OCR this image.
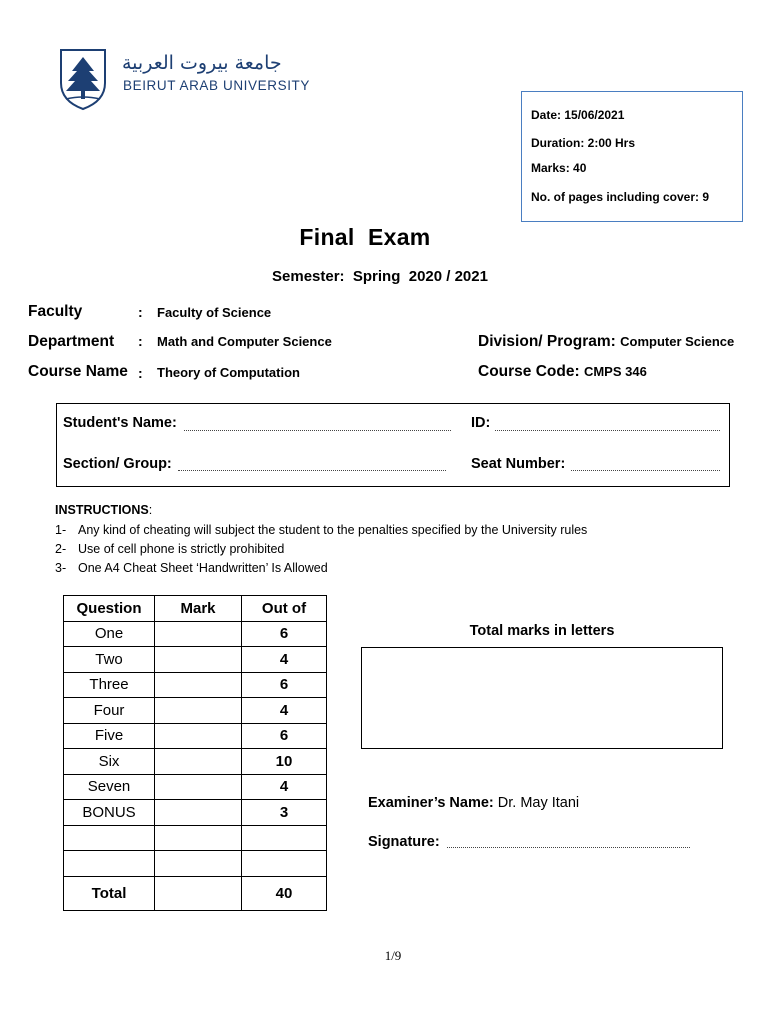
جامعة بيروت العربية
BEIRUT ARAB UNIVERSITY
Date: 15/06/2021
Duration: 2:00 Hrs
Marks: 40
No. of pages including cover: 9
Final  Exam
Semester:  Spring  2020 / 2021
Faculty	: Faculty of Science
Department : Math and Computer Science
Course Name : Theory of Computation
Division/ Program: Computer Science
Course Code: CMPS 346
Student's Name:	ID:
Section/ Group:	Seat Number:
INSTRUCTIONS:
1- Any kind of cheating will subject the student to the penalties specified by the University rules
2- Use of cell phone is strictly prohibited
3- One A4 Cheat Sheet ‘Handwritten’ Is Allowed
Question	Mark	Out of
One		6
Two		4
Three		6
Four		4
Five		6
Six		10
Seven		4
BONUS		3

Total		40
Total marks in letters
Examiner’s Name: Dr. May Itani
Signature:
1/9
